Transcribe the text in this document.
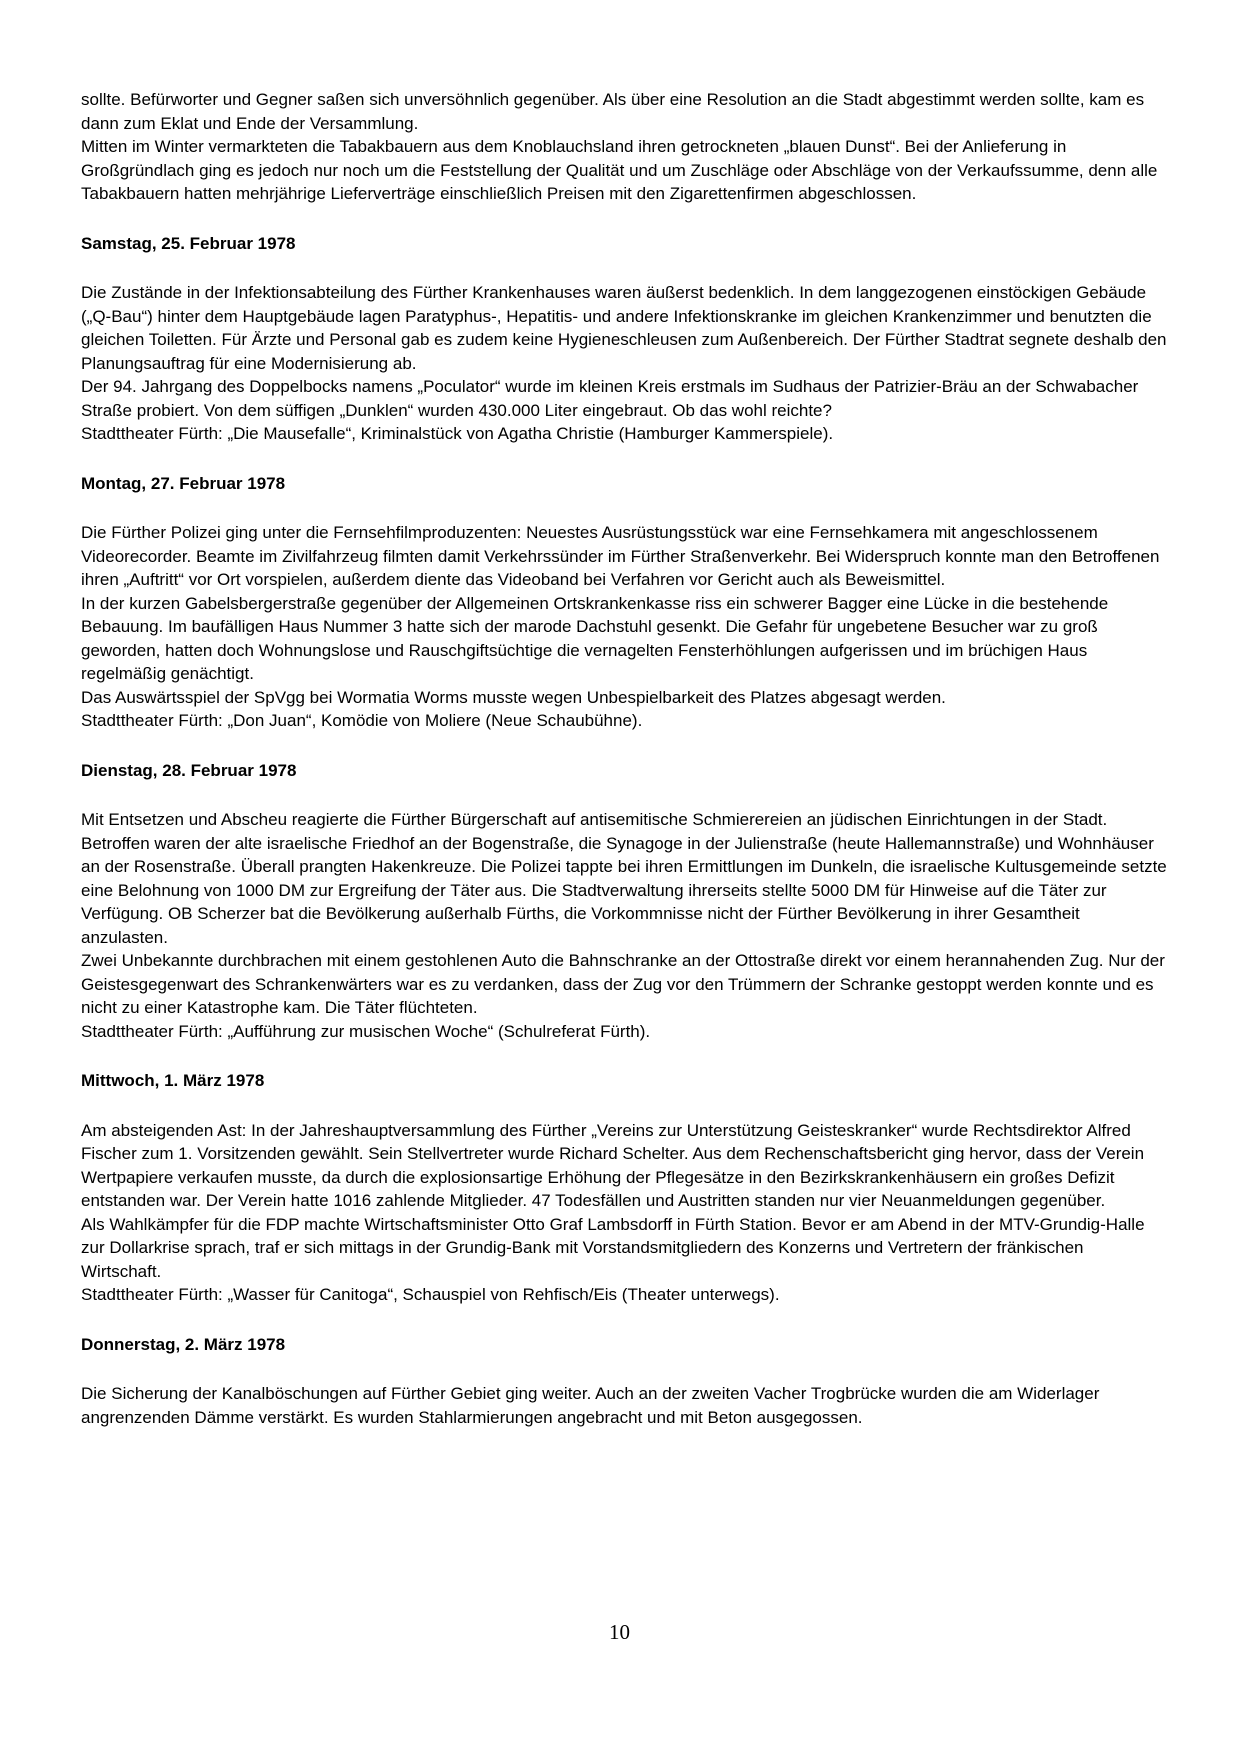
sollte. Befürworter und Gegner saßen sich unversöhnlich gegenüber. Als über eine Resolution an die Stadt abgestimmt werden sollte, kam es dann zum Eklat und Ende der Versammlung.

Mitten im Winter vermarkteten die Tabakbauern aus dem Knoblauchsland ihren getrockneten „blauen Dunst“. Bei der Anlieferung in Großgründlach ging es jedoch nur noch um die Feststellung der Qualität und um Zuschläge oder Abschläge von der Verkaufssumme, denn alle Tabakbauern hatten mehrjährige Lieferverträge einschließlich Preisen mit den Zigarettenfirmen abgeschlossen.

Samstag, 25. Februar 1978

Die Zustände in der Infektionsabteilung des Fürther Krankenhauses waren äußerst bedenklich. In dem langgezogenen einstöckigen Gebäude („Q-Bau“) hinter dem Hauptgebäude lagen Paratyphus-, Hepatitis- und andere Infektionskranke im gleichen Krankenzimmer und benutzten die gleichen Toiletten. Für Ärzte und Personal gab es zudem keine Hygieneschleusen zum Außenbereich. Der Fürther Stadtrat segnete deshalb den Planungsauftrag für eine Modernisierung ab.

Der 94. Jahrgang des Doppelbocks namens „Poculator“ wurde im kleinen Kreis erstmals im Sudhaus der Patrizier-Bräu an der Schwabacher Straße probiert. Von dem süffigen „Dunklen“ wurden 430.000 Liter eingebraut. Ob das wohl reichte?

Stadttheater Fürth: „Die Mausefalle“, Kriminalstück von Agatha Christie (Hamburger Kammerspiele).

Montag, 27. Februar 1978

Die Fürther Polizei ging unter die Fernsehfilmproduzenten: Neuestes Ausrüstungsstück war eine Fernsehkamera mit angeschlossenem Videorecorder. Beamte im Zivilfahrzeug filmten damit Verkehrssünder im Fürther Straßenverkehr. Bei Widerspruch konnte man den Betroffenen ihren „Auftritt“ vor Ort vorspielen, außerdem diente das Videoband bei Verfahren vor Gericht auch als Beweismittel.

In der kurzen Gabelsbergerstraße gegenüber der Allgemeinen Ortskrankenkasse riss ein schwerer Bagger eine Lücke in die bestehende Bebauung. Im baufälligen Haus Nummer 3 hatte sich der marode Dachstuhl gesenkt. Die Gefahr für ungebetene Besucher war zu groß geworden, hatten doch Wohnungslose und Rauschgiftsüchtige die vernagelten Fensterhöhlungen aufgerissen und im brüchigen Haus regelmäßig genächtigt.

Das Auswärtsspiel der SpVgg bei Wormatia Worms musste wegen Unbespielbarkeit des Platzes abgesagt werden.

Stadttheater Fürth: „Don Juan“, Komödie von Moliere (Neue Schaubühne).

Dienstag, 28. Februar 1978

Mit Entsetzen und Abscheu reagierte die Fürther Bürgerschaft auf antisemitische Schmierereien an jüdischen Einrichtungen in der Stadt. Betroffen waren der alte israelische Friedhof an der Bogenstraße, die Synagoge in der Julienstraße (heute Hallemannstraße) und Wohnhäuser an der Rosenstraße. Überall prangten Hakenkreuze. Die Polizei tappte bei ihren Ermittlungen im Dunkeln, die israelische Kultusgemeinde setzte eine Belohnung von 1000 DM zur Ergreifung der Täter aus. Die Stadtverwaltung ihrerseits stellte 5000 DM für Hinweise auf die Täter zur Verfügung. OB Scherzer bat die Bevölkerung außerhalb Fürths, die Vorkommnisse nicht der Fürther Bevölkerung in ihrer Gesamtheit anzulasten.

Zwei Unbekannte durchbrachen mit einem gestohlenen Auto die Bahnschranke an der Ottostraße direkt vor einem herannahenden Zug. Nur der Geistesgegenwart des Schrankenwärters war es zu verdanken, dass der Zug vor den Trümmern der Schranke gestoppt werden konnte und es nicht zu einer Katastrophe kam. Die Täter flüchteten.

Stadttheater Fürth: „Aufführung zur musischen Woche“ (Schulreferat Fürth).

Mittwoch, 1. März 1978

Am absteigenden Ast: In der Jahreshauptversammlung des Fürther „Vereins zur Unterstützung Geisteskranker“ wurde Rechtsdirektor Alfred Fischer zum 1. Vorsitzenden gewählt. Sein Stellvertreter wurde Richard Schelter. Aus dem Rechenschaftsbericht ging hervor, dass der Verein Wertpapiere verkaufen musste, da durch die explosionsartige Erhöhung der Pflegesätze in den Bezirkskrankenhäusern ein großes Defizit entstanden war. Der Verein hatte 1016 zahlende Mitglieder. 47 Todesfällen und Austritten standen nur vier Neuanmeldungen gegenüber.

Als Wahlkämpfer für die FDP machte Wirtschaftsminister Otto Graf Lambsdorff in Fürth Station. Bevor er am Abend in der MTV-Grundig-Halle zur Dollarkrise sprach, traf er sich mittags in der Grundig-Bank mit Vorstandsmitgliedern des Konzerns und Vertretern der fränkischen Wirtschaft.

Stadttheater Fürth: „Wasser für Canitoga“, Schauspiel von Rehfisch/Eis (Theater unterwegs).

Donnerstag, 2. März 1978

Die Sicherung der Kanalböschungen auf Fürther Gebiet ging weiter. Auch an der zweiten Vacher Trogbrücke wurden die am Widerlager angrenzenden Dämme verstärkt. Es wurden Stahlarmierungen angebracht und mit Beton ausgegossen.

10
